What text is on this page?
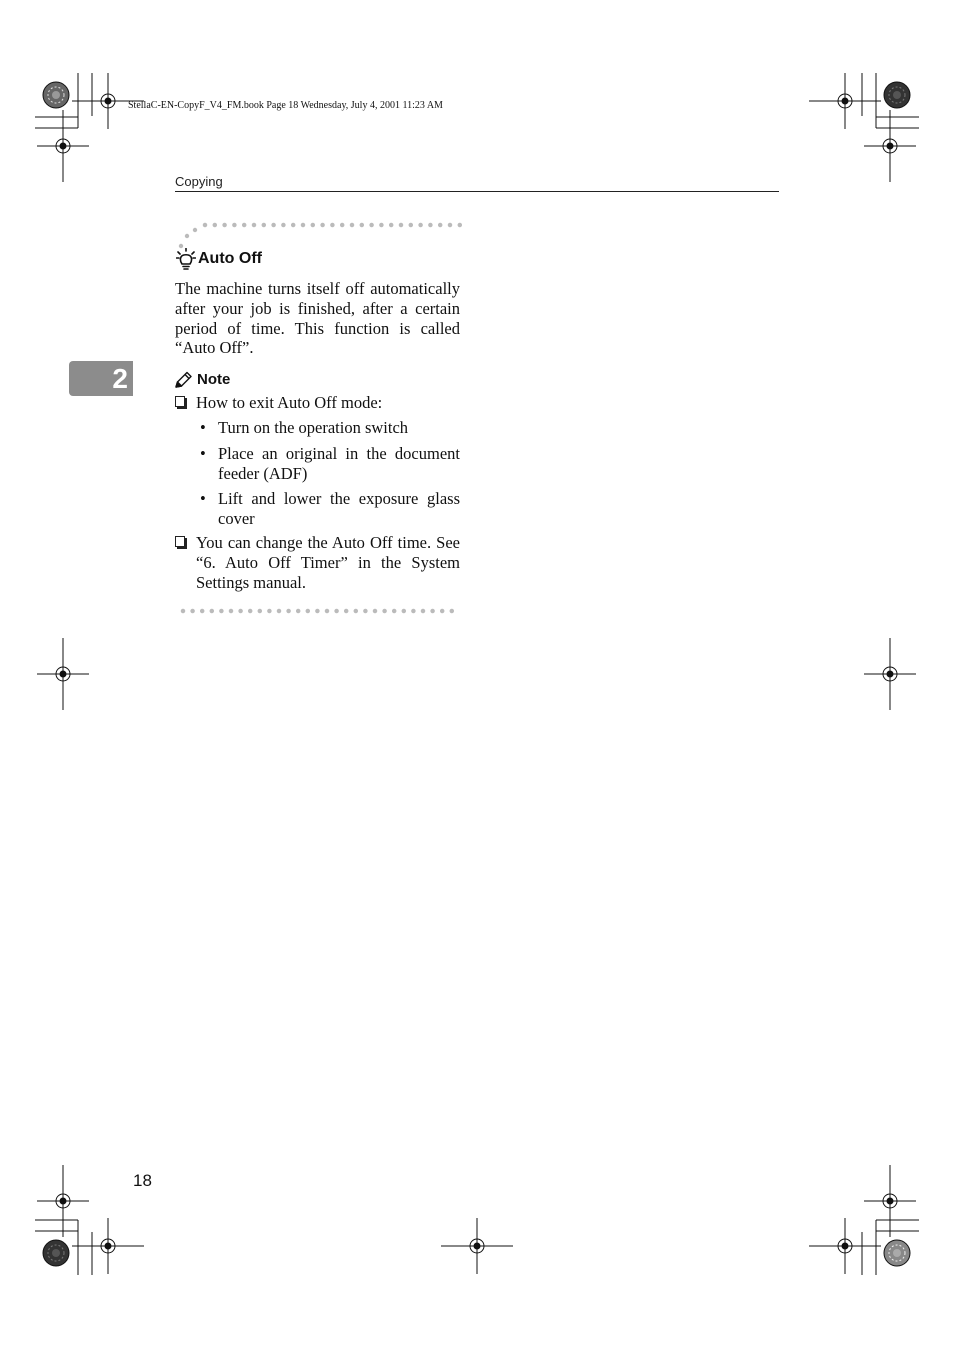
StellaC-EN-CopyF_V4_FM.book Page 18 Wednesday, July 4, 2001 11:23 AM
Copying
2
Auto Off
The machine turns itself off automatically after your job is finished, after a certain period of time. This function is called “Auto Off”.
Note
How to exit Auto Off mode:
• Turn on the operation switch
• Place an original in the document feeder (ADF)
• Lift and lower the exposure glass cover
You can change the Auto Off time. See “6. Auto Off Timer” in the System Settings manual.
18
